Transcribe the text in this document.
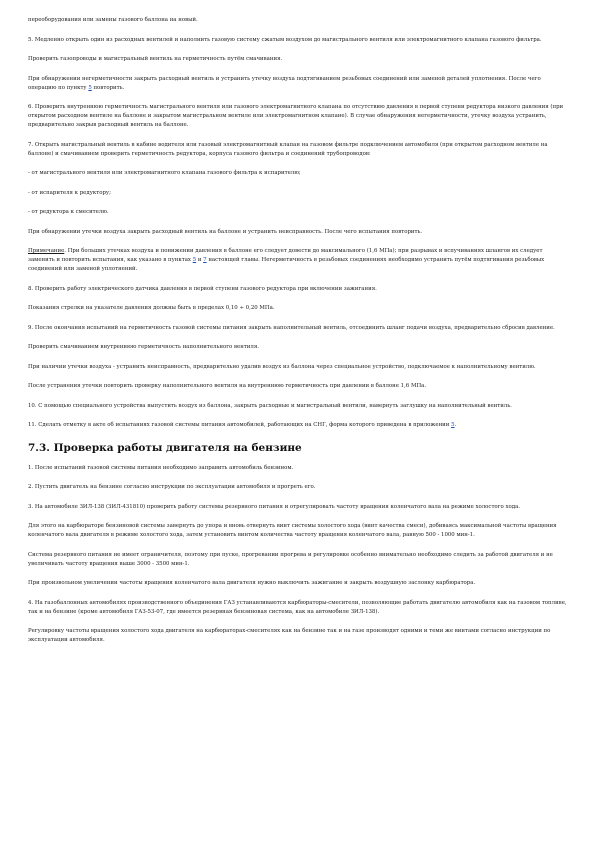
переоборудования или замены газового баллона на новый.

5. Медленно открыть один из расходных вентилей и наполнить газовую систему сжатым воздухом до магистрального вентиля или электромагнитного клапана газового фильтра.

Проверить газопроводы и магистральный вентиль на герметичность путём смачивания.

При обнаружении негерметичности закрыть расходный вентиль и устранить утечку воздуха подтягиванием резьбовых соединений или заменой деталей уплотнения. После чего операцию по пункту 5 повторить.

6. Проверить внутреннюю герметичность магистрального вентиля или газового электромагнитного клапана по отсутствию давления в первой ступени редуктора низкого давления (при открытом расходном вентиле на баллоне и закрытом магистральном вентиле или электромагнитном клапане). В случае обнаружения негерметичности, утечку воздуха устранить, предварительно закрыв расходный вентиль на баллоне.

7. Открыть магистральный вентиль в кабине водителя или газовый электромагнитный клапан на газовом фильтре подключением автомобиля (при открытом расходном вентиле на баллоне) и смачиванием проверить герметичность редуктора, корпуса газового фильтра и соединений трубопроводов:

- от магистрального вентиля или электромагнитного клапана газового фильтра к испарителю;

- от испарителя к редуктору;

- от редуктора к смесителю.

При обнаружении утечки воздуха закрыть расходный вентиль на баллоне и устранить неисправность. После чего испытания повторить.

Примечание. При больших утечках воздуха и понижении давления в баллоне его следует довести до максимального (1,6 МПа); при разрывах и вспучиваниях шлангов их следует заменить и повторить испытания, как указано в пунктах 5 и 7 настоящей главы. Негерметичность в резьбовых соединениях необходимо устранить путём подтягивания резьбовых соединений или заменой уплотнений.

8. Проверить работу электрического датчика давления в первой ступени газового редуктора при включении зажигания.

Показания стрелки на указателе давления должны быть в пределах 0,10 ÷ 0,20 МПа.

9. После окончания испытаний на герметичность газовой системы питания закрыть наполнительный вентиль, отсоединить шланг подачи воздуха, предварительно сбросив давление.

Проверить смачиванием внутреннюю герметичность наполнительного вентиля.

При наличии утечки воздуха - устранить неисправность, предварительно удалив воздух из баллона через специальное устройство, подключаемое к наполнительному вентилю.

После устранения утечки повторить проверку наполнительного вентиля на внутреннюю герметичность при давлении в баллоне 1,6 МПа.

10. С помощью специального устройства выпустить воздух из баллона, закрыть расходные и магистральный вентили, навернуть заглушку на наполнительный вентиль.

11. Сделать отметку в акте об испытаниях газовой системы питания автомобилей, работающих на СНГ, форма которого приведена в приложении 5.

7.3. Проверка работы двигателя на бензине

1. После испытаний газовой системы питания необходимо заправить автомобиль бензином.

2. Пустить двигатель на бензине согласно инструкции по эксплуатации автомобиля и прогреть его.

3. На автомобиле ЗИЛ-138 (ЗИЛ-431810) проверить работу системы резервного питания и отрегулировать частоту вращения коленчатого вала на режиме холостого хода.

Для этого на карбюраторе бензиновой системы завернуть до упора и вновь отвернуть винт системы холостого хода (винт качества смеси), добиваясь максимальной частоты вращения коленчатого вала двигателя в режиме холостого хода, затем установить винтом количества частоту вращения коленчатого вала, равную 500 - 1000 мин-1.

Система резервного питания не имеет ограничителя, поэтому при пуске, прогревании прогрева и регулировке особенно внимательно необходимо следить за работой двигателя и не увеличивать частоту вращения выше 3000 - 3500 мин-1.

При произвольном увеличении частоты вращения коленчатого вала двигателя нужно выключить зажигание и закрыть воздушную заслонку карбюратора.

4. На газобаллонных автомобилях производственного объединения ГАЗ устанавливаются карбюраторы-смесители, позволяющие работать двигателю автомобиля как на газовом топливе, так и на бензине (кроме автомобиля ГАЗ-53-07, где имеется резервная бензиновая система, как на автомобиле ЗИЛ-138).

Регулировку частоты вращения холостого хода двигателя на карбюраторах-смесителях как на бензине так и на газе производят одними и теми же винтами согласно инструкции по эксплуатации автомобиля.
